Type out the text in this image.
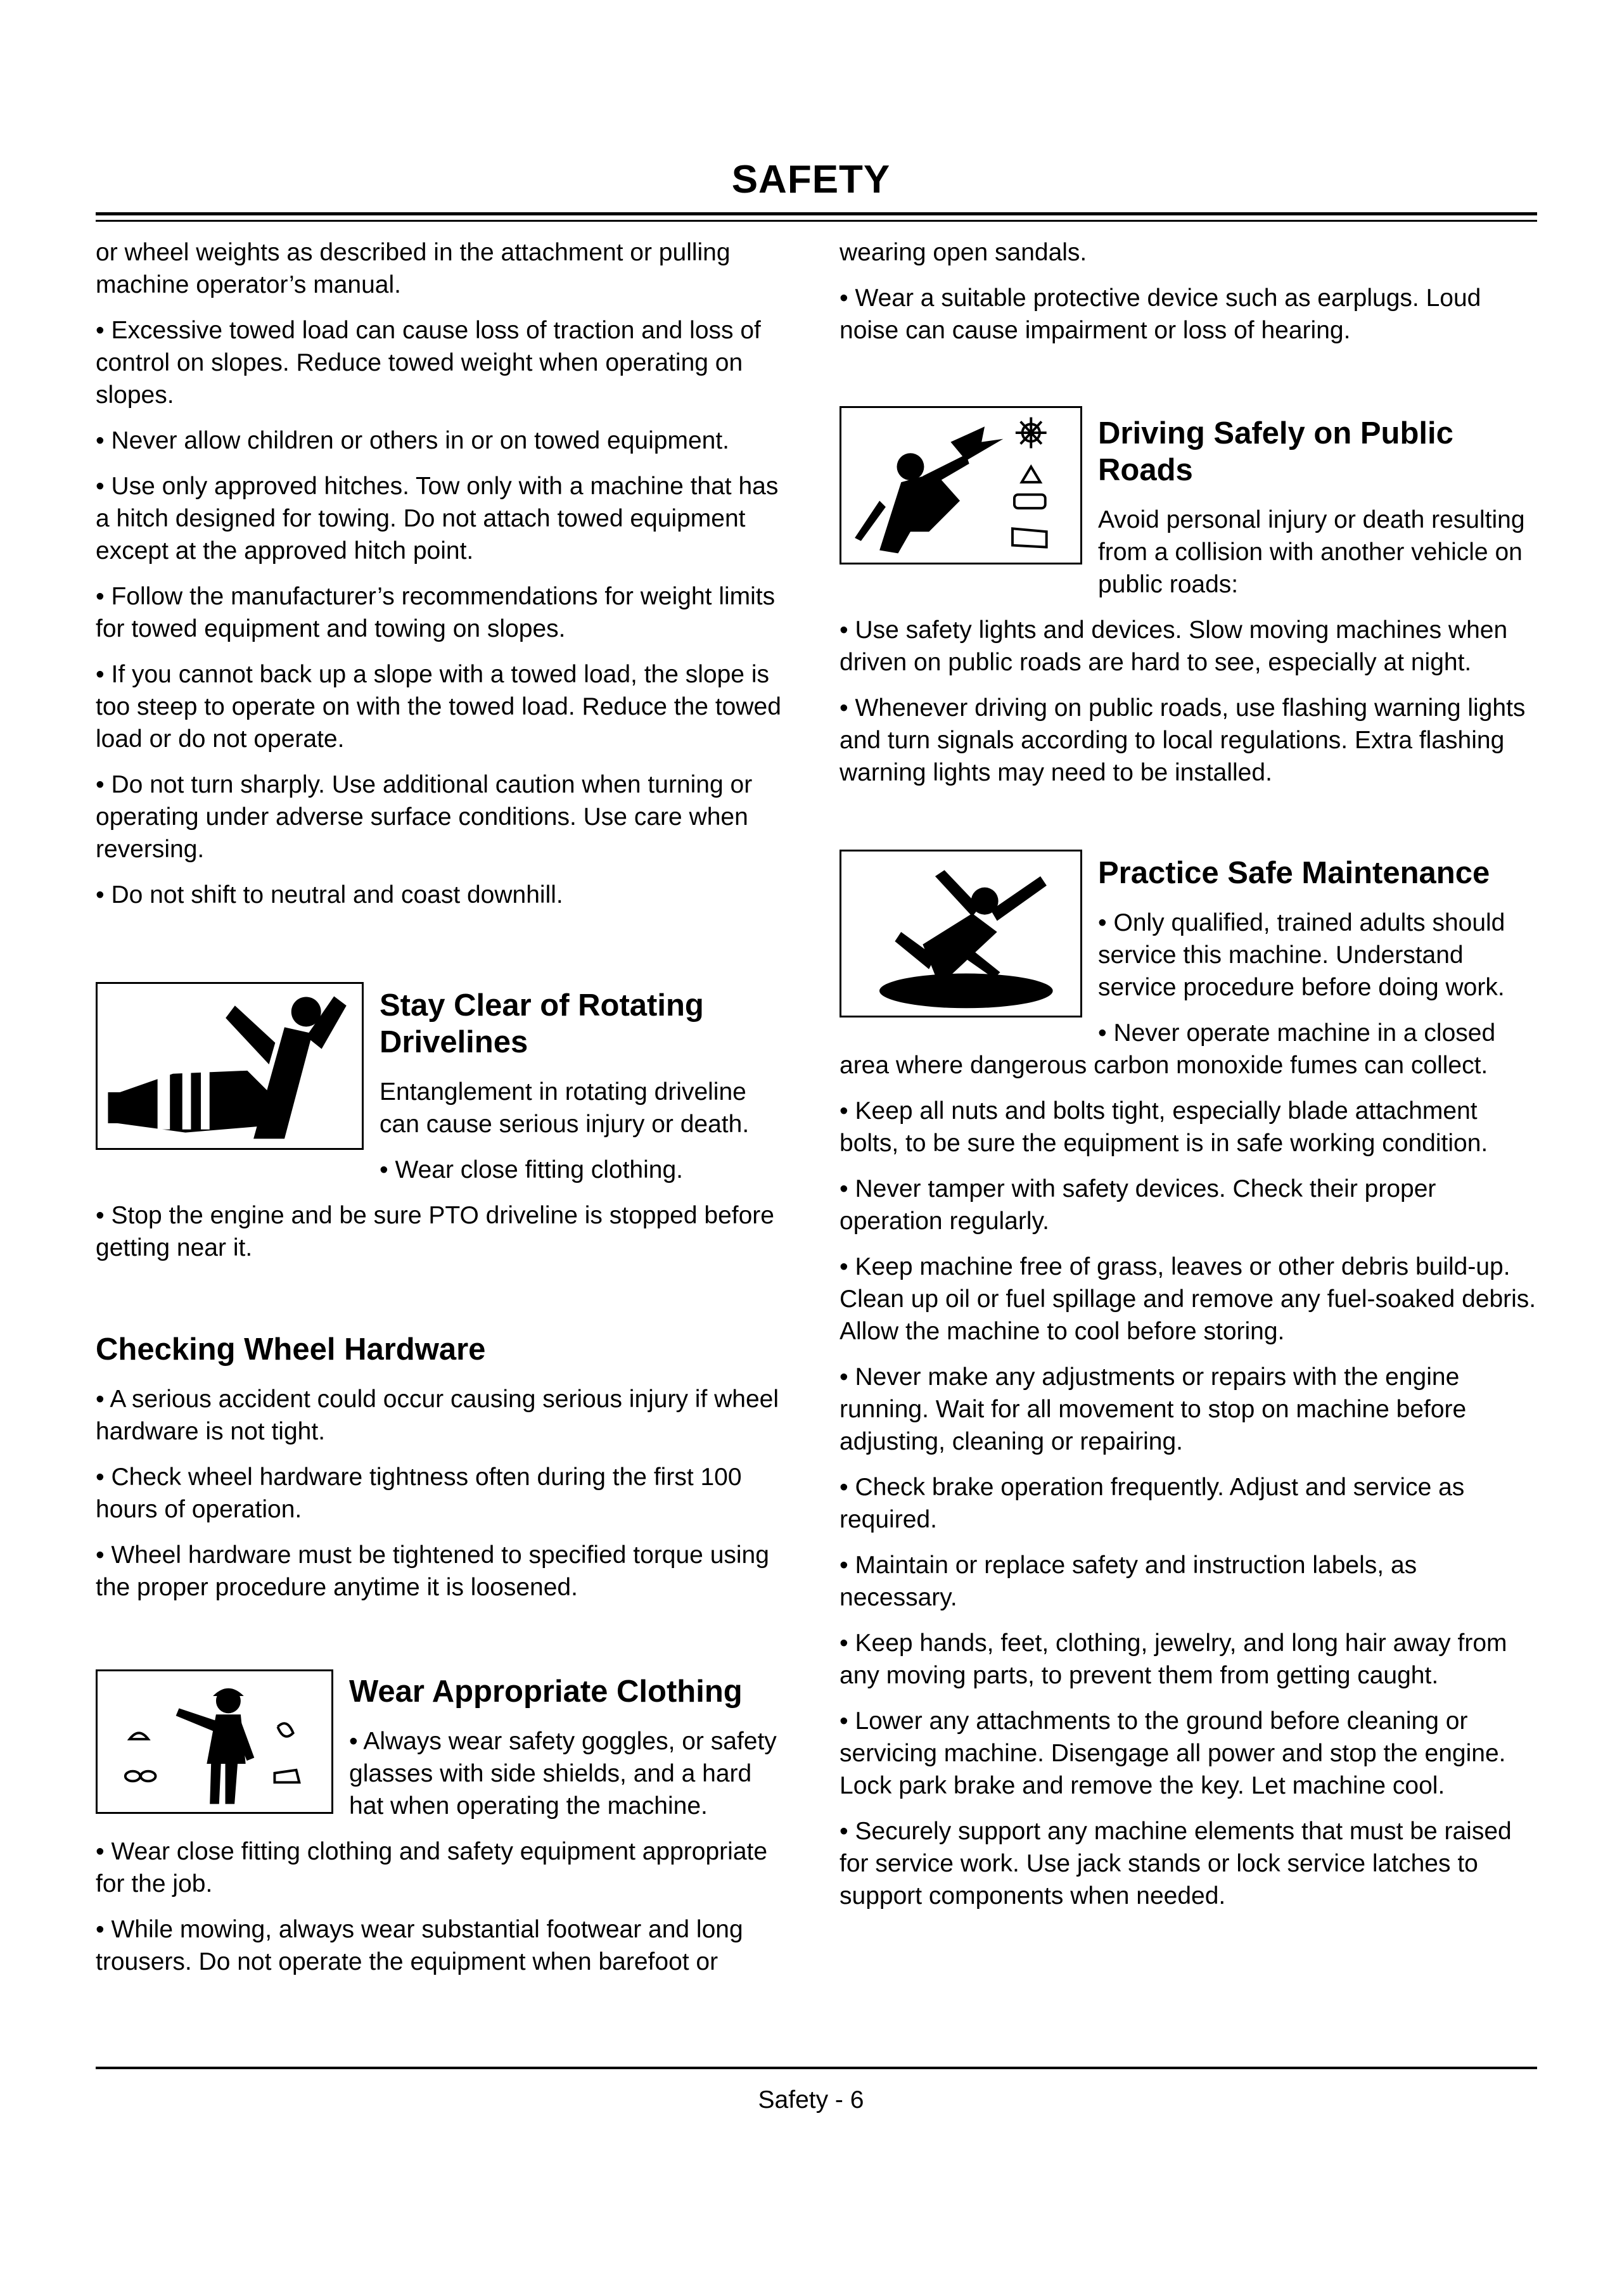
SAFETY

or wheel weights as described in the attachment or pulling machine operator’s manual.

• Excessive towed load can cause loss of traction and loss of control on slopes. Reduce towed weight when operating on slopes.

• Never allow children or others in or on towed equipment.

• Use only approved hitches. Tow only with a machine that has a hitch designed for towing. Do not attach towed equipment except at the approved hitch point.

• Follow the manufacturer’s recommendations for weight limits for towed equipment and towing on slopes.

• If you cannot back up a slope with a towed load, the slope is too steep to operate on with the towed load. Reduce the towed load or do not operate.

• Do not turn sharply. Use additional caution when turning or operating under adverse surface conditions. Use care when reversing.

• Do not shift to neutral and coast downhill.

Stay Clear of Rotating Drivelines

Entanglement in rotating driveline can cause serious injury or death.

• Wear close fitting clothing.

• Stop the engine and be sure PTO driveline is stopped before getting near it.

Checking Wheel Hardware

• A serious accident could occur causing serious injury if wheel hardware is not tight.

• Check wheel hardware tightness often during the first 100 hours of operation.

• Wheel hardware must be tightened to specified torque using the proper procedure anytime it is loosened.

Wear Appropriate Clothing

• Always wear safety goggles, or safety glasses with side shields, and a hard hat when operating the machine.

• Wear close fitting clothing and safety equipment appropriate for the job.

• While mowing, always wear substantial footwear and long trousers. Do not operate the equipment when barefoot or

wearing open sandals.

• Wear a suitable protective device such as earplugs. Loud noise can cause impairment or loss of hearing.

Driving Safely on Public Roads

Avoid personal injury or death resulting from a collision with another vehicle on public roads:

• Use safety lights and devices. Slow moving machines when driven on public roads are hard to see, especially at night.

• Whenever driving on public roads, use flashing warning lights and turn signals according to local regulations. Extra flashing warning lights may need to be installed.

Practice Safe Maintenance

• Only qualified, trained adults should service this machine. Understand service procedure before doing work.

• Never operate machine in a closed area where dangerous carbon monoxide fumes can collect.

• Keep all nuts and bolts tight, especially blade attachment bolts, to be sure the equipment is in safe working condition.

• Never tamper with safety devices. Check their proper operation regularly.

• Keep machine free of grass, leaves or other debris build-up. Clean up oil or fuel spillage and remove any fuel-soaked debris. Allow the machine to cool before storing.

• Never make any adjustments or repairs with the engine running. Wait for all movement to stop on machine before adjusting, cleaning or repairing.

• Check brake operation frequently. Adjust and service as required.

• Maintain or replace safety and instruction labels, as necessary.

• Keep hands, feet, clothing, jewelry, and long hair away from any moving parts, to prevent them from getting caught.

• Lower any attachments to the ground before cleaning or servicing machine. Disengage all power and stop the engine. Lock park brake and remove the key. Let machine cool.

• Securely support any machine elements that must be raised for service work. Use jack stands or lock service latches to support components when needed.

Safety - 6
